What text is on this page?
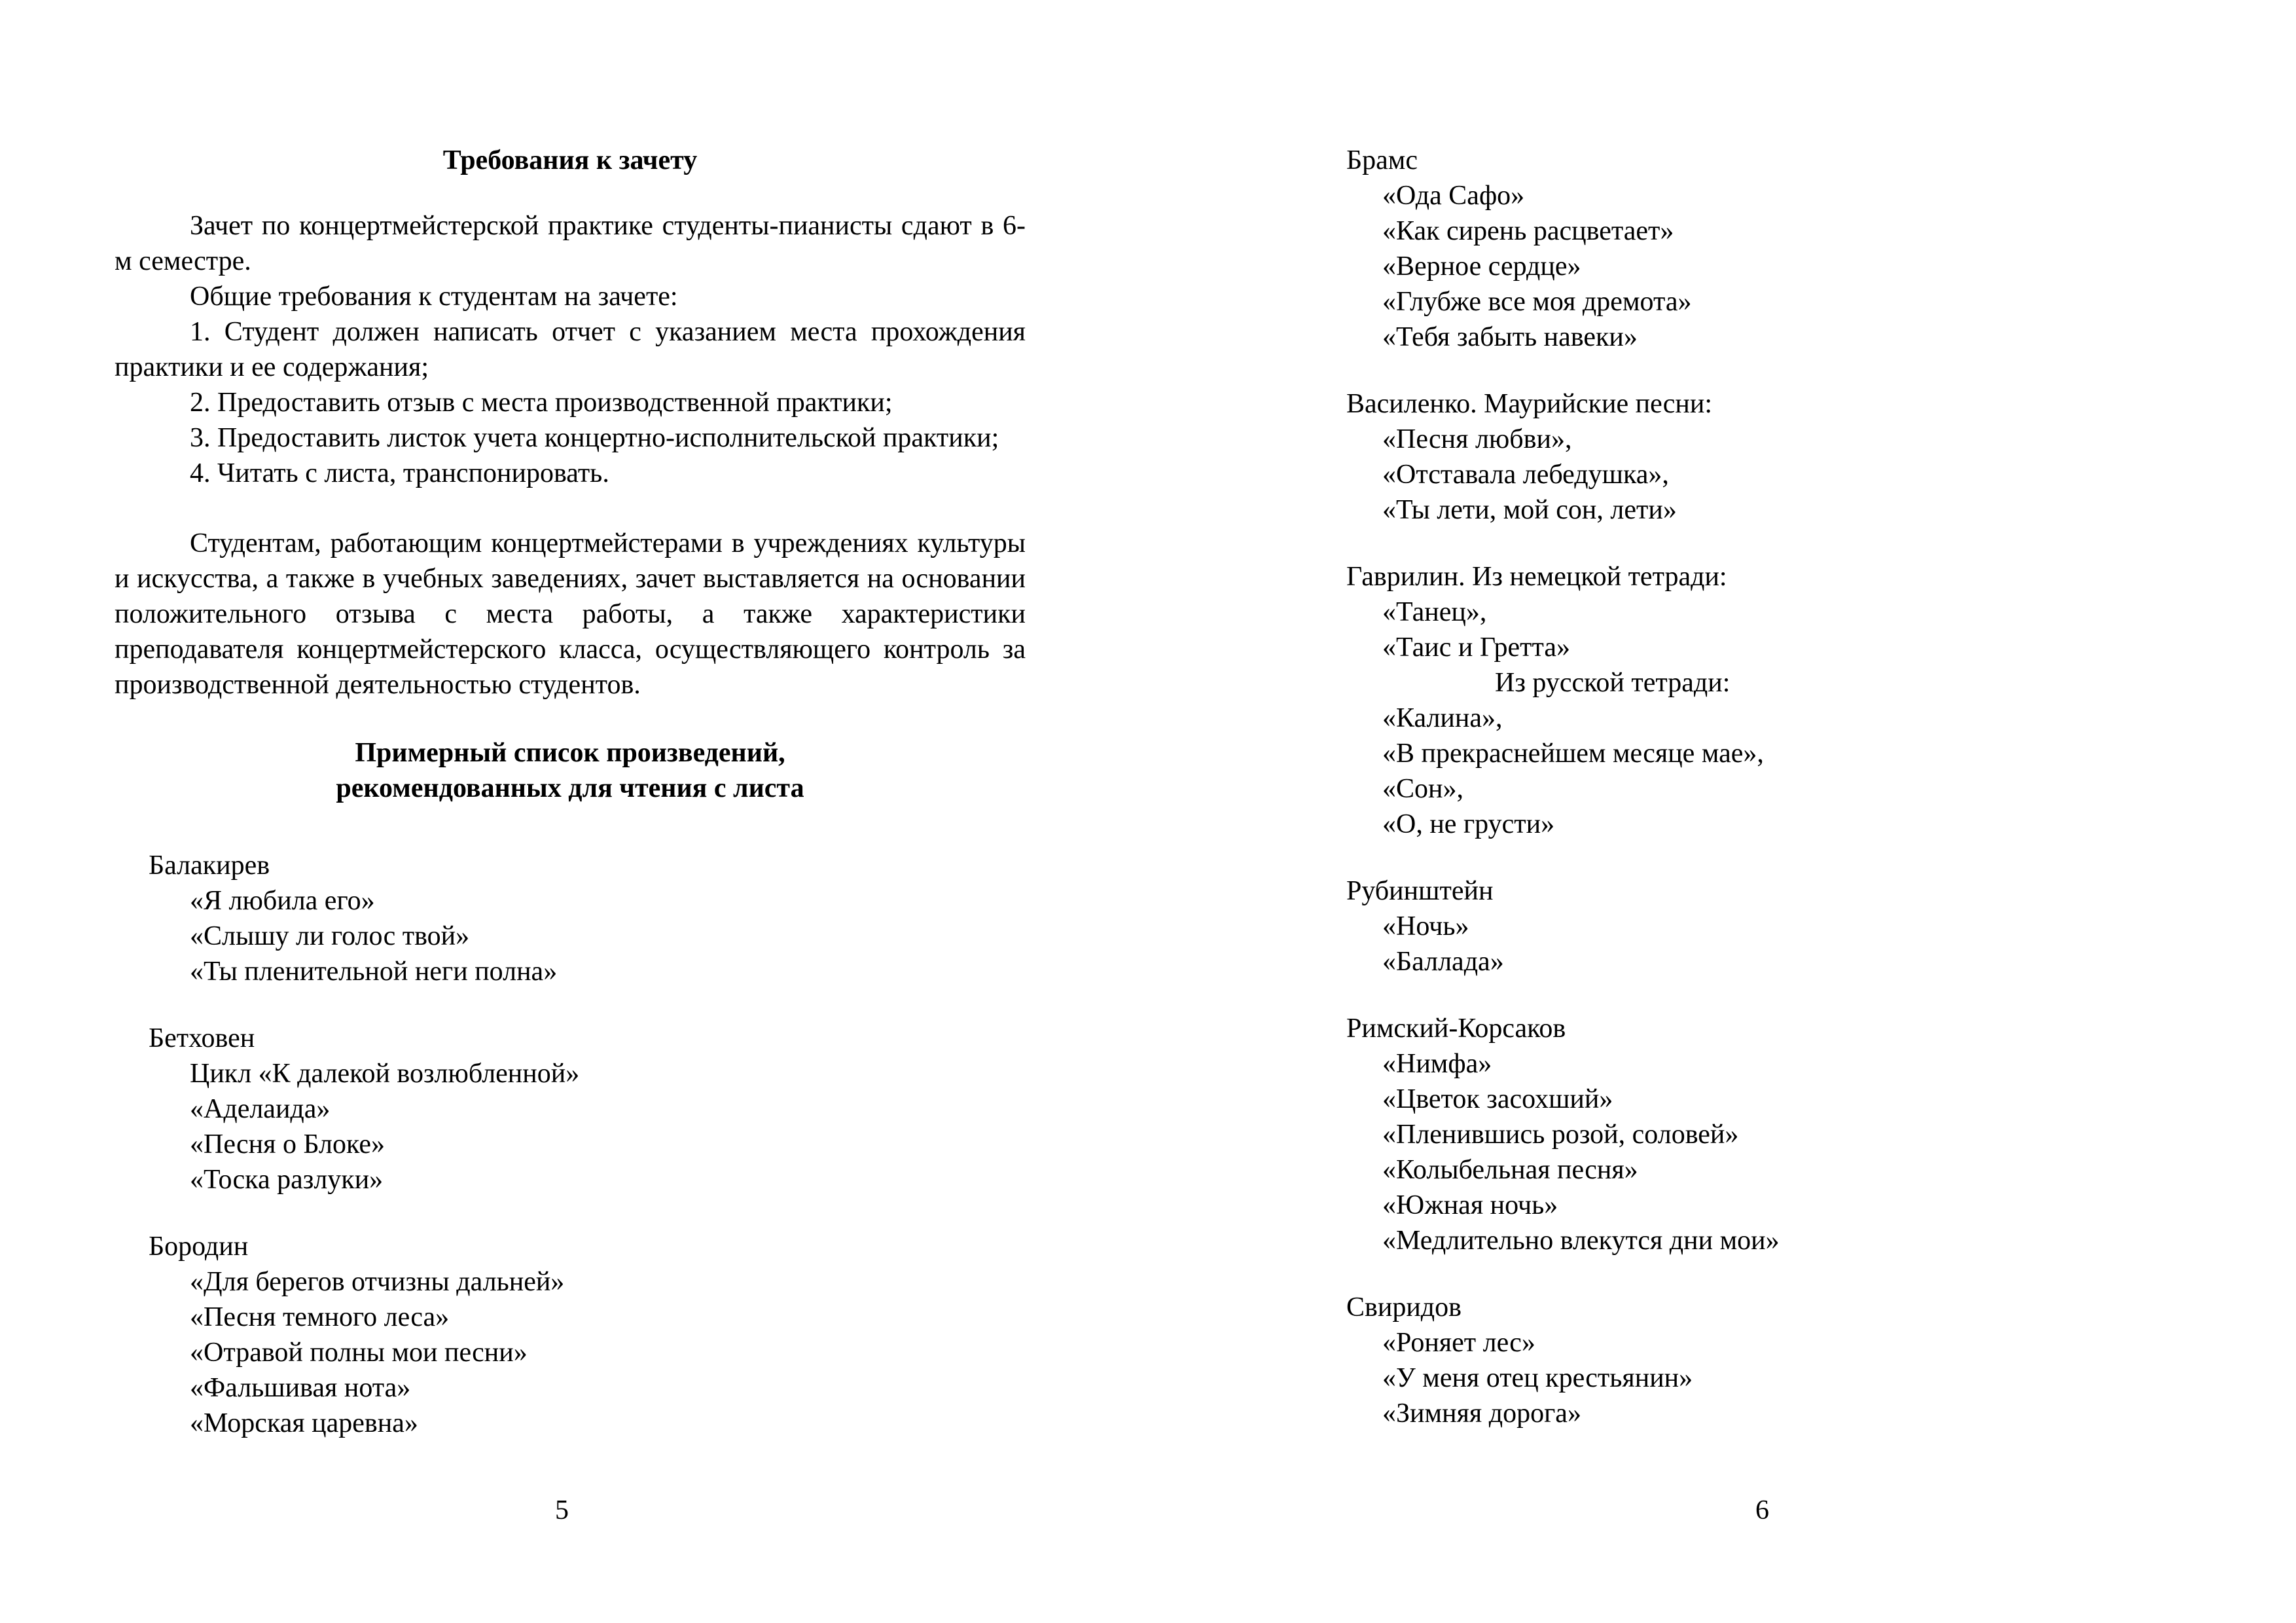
Требования к зачету

Зачет по концертмейстерской практике студенты-пианисты сдают в 6-м семестре.

Общие требования к студентам на зачете:

1. Студент должен написать отчет с указанием места прохождения практики и ее содержания;

2. Предоставить отзыв с места производственной практики;

3. Предоставить листок учета концертно-исполнительской практики;

4. Читать с листа, транспонировать.

Студентам, работающим концертмейстерами в учреждениях культуры и искусства, а также в учебных заведениях, зачет выставляется на основании положительного отзыва с места работы, а также характеристики преподавателя концертмейстерского класса, осуществляющего контроль за производственной деятельностью студентов.

Примерный список произведений,
рекомендованных для чтения с листа
Балакирев
«Я любила его»
«Слышу ли голос твой»
«Ты пленительной неги полна»
Бетховен
Цикл «К далекой возлюбленной»
«Аделаида»
«Песня о Блоке»
«Тоска разлуки»
Бородин
«Для берегов отчизны дальней»
«Песня темного леса»
«Отравой полны мои песни»
«Фальшивая нота»
«Морская царевна»
Брамс
«Ода Сафо»
«Как сирень расцветает»
«Верное сердце»
«Глубже все моя дремота»
«Тебя забыть навеки»
Василенко. Маурийские песни:
«Песня любви»,
«Отставала лебедушка»,
«Ты лети, мой сон, лети»
Гаврилин. Из немецкой тетради:
«Танец»,
«Таис и Гретта»
Из русской тетради:
«Калина»,
«В прекраснейшем месяце мае»,
«Сон»,
«О, не грусти»
Рубинштейн
«Ночь»
«Баллада»
Римский-Корсаков
«Нимфа»
«Цветок засохший»
«Пленившись розой, соловей»
«Колыбельная песня»
«Южная ночь»
«Медлительно влекутся дни мои»
Свиридов
«Роняет лес»
«У меня отец крестьянин»
«Зимняя дорога»
5	6
